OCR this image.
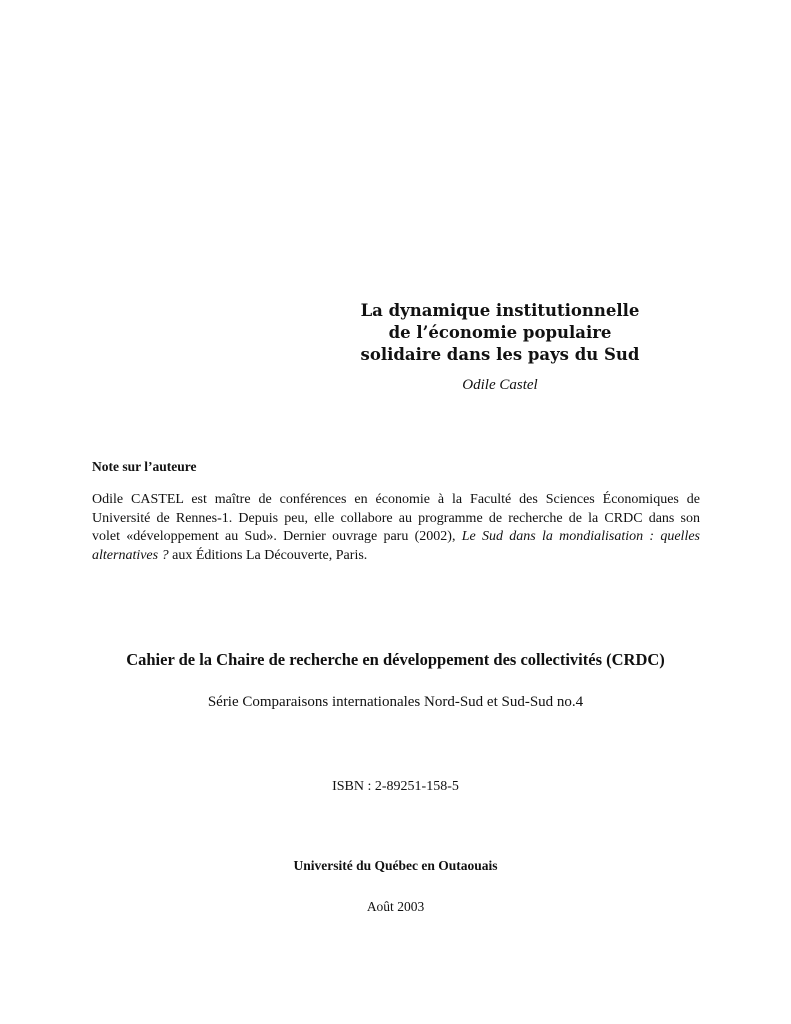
La dynamique institutionnelle
de l’économie populaire
solidaire dans les pays du Sud
Odile Castel
Note sur l’auteure
Odile CASTEL est maître de conférences en économie à la Faculté des Sciences Économiques de
Université de Rennes-1. Depuis peu, elle collabore au programme de recherche de la CRDC dans son
volet «développement au Sud». Dernier ouvrage paru (2002), Le Sud dans la mondialisation : quelles
alternatives ? aux Éditions La Découverte, Paris.
Cahier de la Chaire de recherche en développement des collectivités (CRDC)
Série Comparaisons internationales Nord-Sud et Sud-Sud no.4
ISBN : 2-89251-158-5
Université du Québec en Outaouais
Août 2003
